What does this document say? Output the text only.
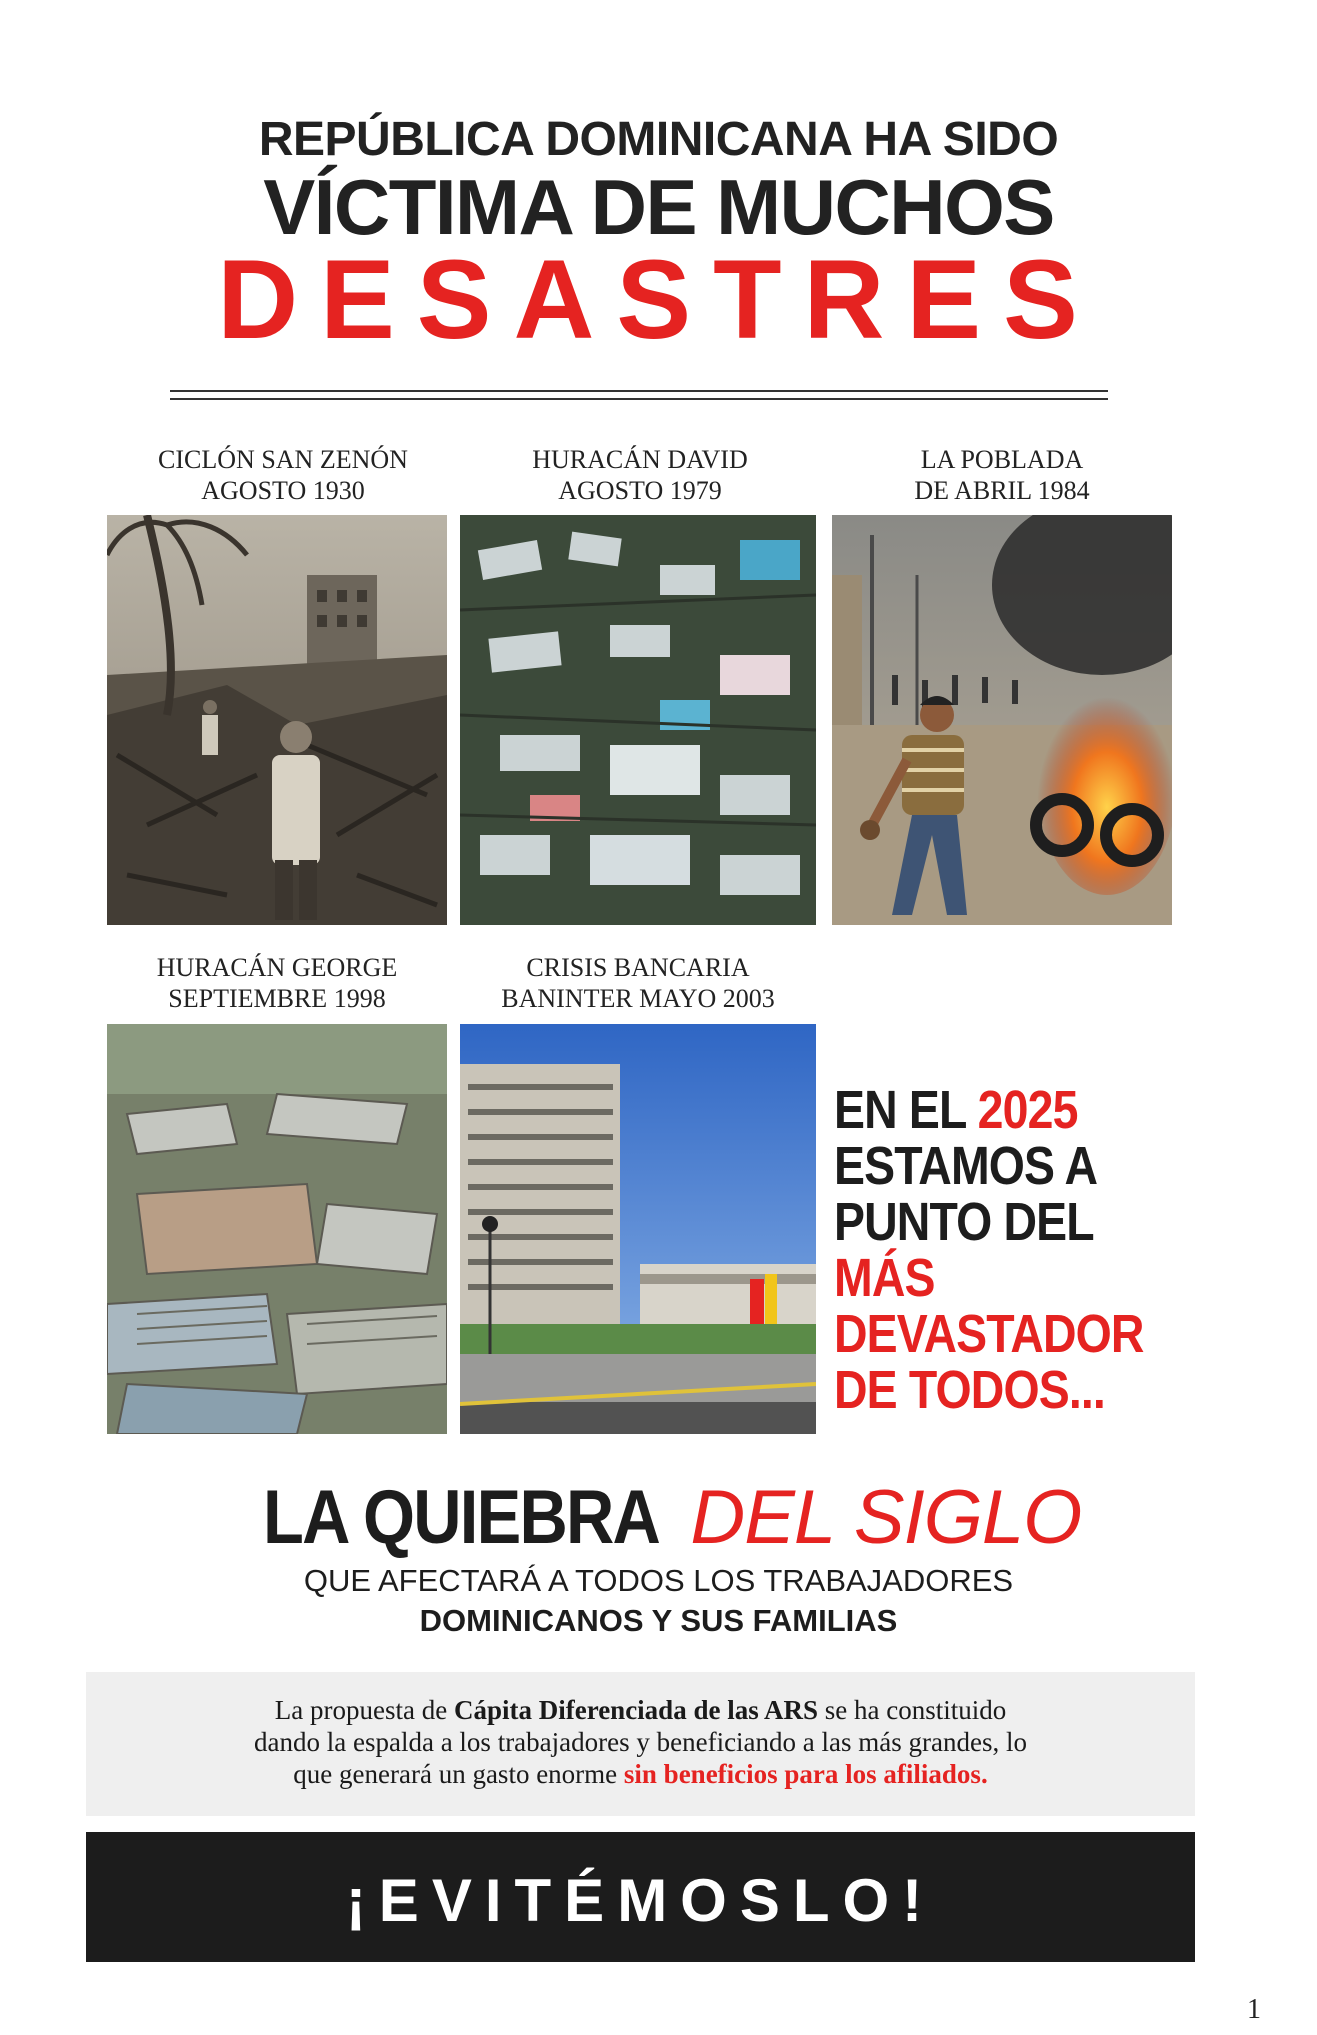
REPÚBLICA DOMINICANA HA SIDO
VÍCTIMA DE MUCHOS
DESASTRES
CICLÓN SAN ZENÓN
AGOSTO 1930
HURACÁN DAVID
AGOSTO 1979
LA POBLADA
DE ABRIL 1984
HURACÁN GEORGE
SEPTIEMBRE 1998
CRISIS BANCARIA
BANINTER MAYO 2003
EN EL 2025
ESTAMOS A
PUNTO DEL
MÁS
DEVASTADOR
DE TODOS...
LA QUIEBRA DEL SIGLO
QUE AFECTARÁ A TODOS LOS TRABAJADORES
DOMINICANOS Y SUS FAMILIAS

La propuesta de Cápita Diferenciada de las ARS se ha constituido
dando la espalda a los trabajadores y beneficiando a las más grandes, lo
que generará un gasto enorme sin beneficios para los afiliados.

¡EVITÉMOSLO!
1
